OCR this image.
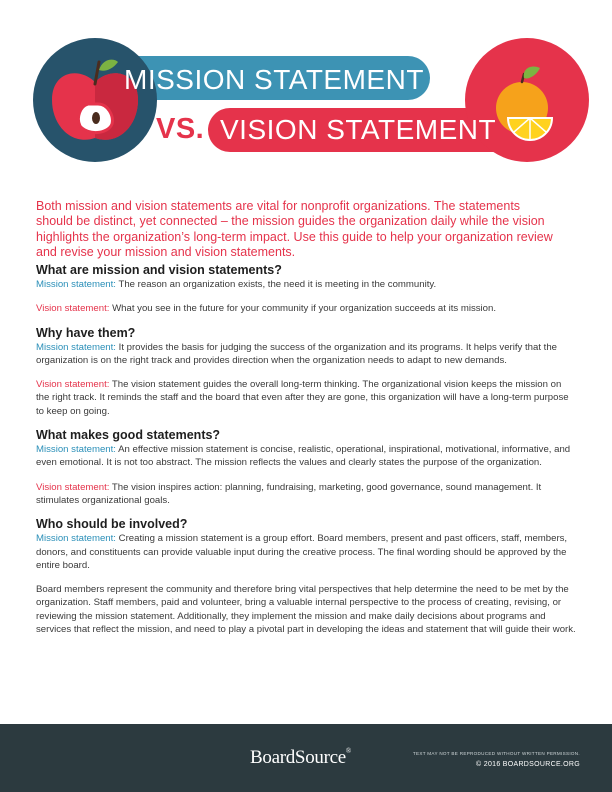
MISSION STATEMENT
VS. VISION STATEMENT

Both mission and vision statements are vital for nonprofit organizations. The statements should be distinct, yet connected – the mission guides the organization daily while the vision highlights the organization’s long-term impact. Use this guide to help your organization review and revise your mission and vision statements.

What are mission and vision statements?

Mission statement: The reason an organization exists, the need it is meeting in the community.

Vision statement: What you see in the future for your community if your organization succeeds at its mission.

Why have them?

Mission statement: It provides the basis for judging the success of the organization and its programs. It helps verify that the organization is on the right track and provides direction when the organization needs to adapt to new demands.

Vision statement: The vision statement guides the overall long-term thinking. The organizational vision keeps the mission on the right track. It reminds the staff and the board that even after they are gone, this organization will have a long-term purpose to keep on going.

What makes good statements?

Mission statement: An effective mission statement is concise, realistic, operational, inspirational, motivational, informative, and even emotional. It is not too abstract. The mission reflects the values and clearly states the purpose of the organization.

Vision statement: The vision inspires action: planning, fundraising, marketing, good governance, sound management. It stimulates organizational goals.

Who should be involved?

Mission statement: Creating a mission statement is a group effort. Board members, present and past officers, staff, members, donors, and constituents can provide valuable input during the creative process. The final wording should be approved by the entire board.

Board members represent the community and therefore bring vital perspectives that help determine the need to be met by the organization. Staff members, paid and volunteer, bring a valuable internal perspective to the process of creating, revising, or reviewing the mission statement. Additionally, they implement the mission and make daily decisions about programs and services that reflect the mission, and need to play a pivotal part in developing the ideas and statement that will guide their work.

BoardSource®	TEXT MAY NOT BE REPRODUCED WITHOUT WRITTEN PERMISSION.
© 2016 BOARDSOURCE.ORG
